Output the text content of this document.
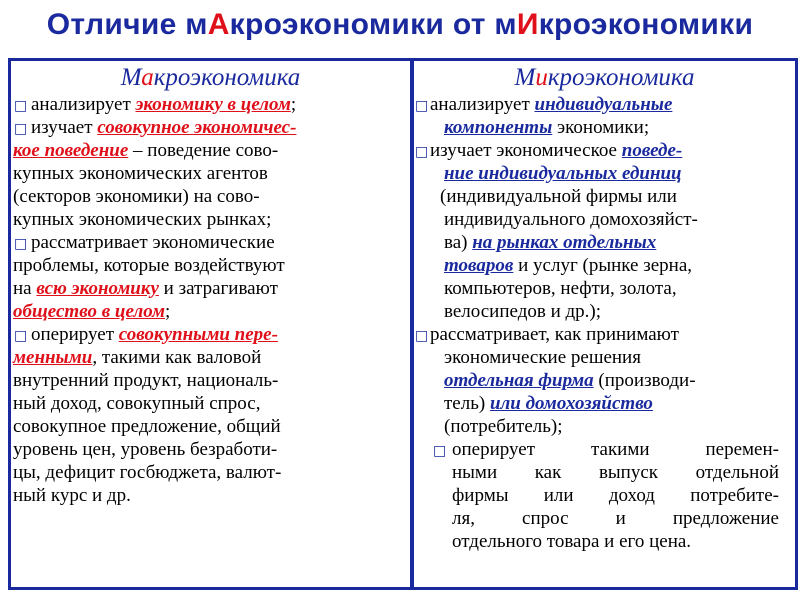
Отличие мАкроэкономики от мИкроэкономики
Макроэкономика
□ анализирует экономику в целом;
□ изучает совокупное экономичес-
кое поведение – поведение сово-
купных экономических агентов
(секторов экономики) на сово-
купных экономических рынках;
□ рассматривает экономические
проблемы, которые воздействуют
на всю экономику и затрагивают
общество в целом;
□ оперирует совокупными пере-
менными, такими как валовой
внутренний продукт, националь-
ный доход, совокупный спрос,
совокупное предложение, общий
уровень цен, уровень безработи-
цы, дефицит госбюджета, валют-
ный курс и др.
Микроэкономика
□ анализирует индивидуальные
компоненты экономики;
□ изучает экономическое поведе-
ние индивидуальных единиц
(индивидуальной фирмы или
индивидуального домохозяйст-
ва) на рынках отдельных
товаров и услуг (рынке зерна,
компьютеров, нефти, золота,
велосипедов и др.);
□ рассматривает, как принимают
экономические решения
отдельная фирма (производи-
тель) или домохозяйство
(потребитель);
□ оперирует такими перемен-
ными как выпуск отдельной
фирмы или доход потребите-
ля, спрос и предложение
отдельного товара и его цена.
